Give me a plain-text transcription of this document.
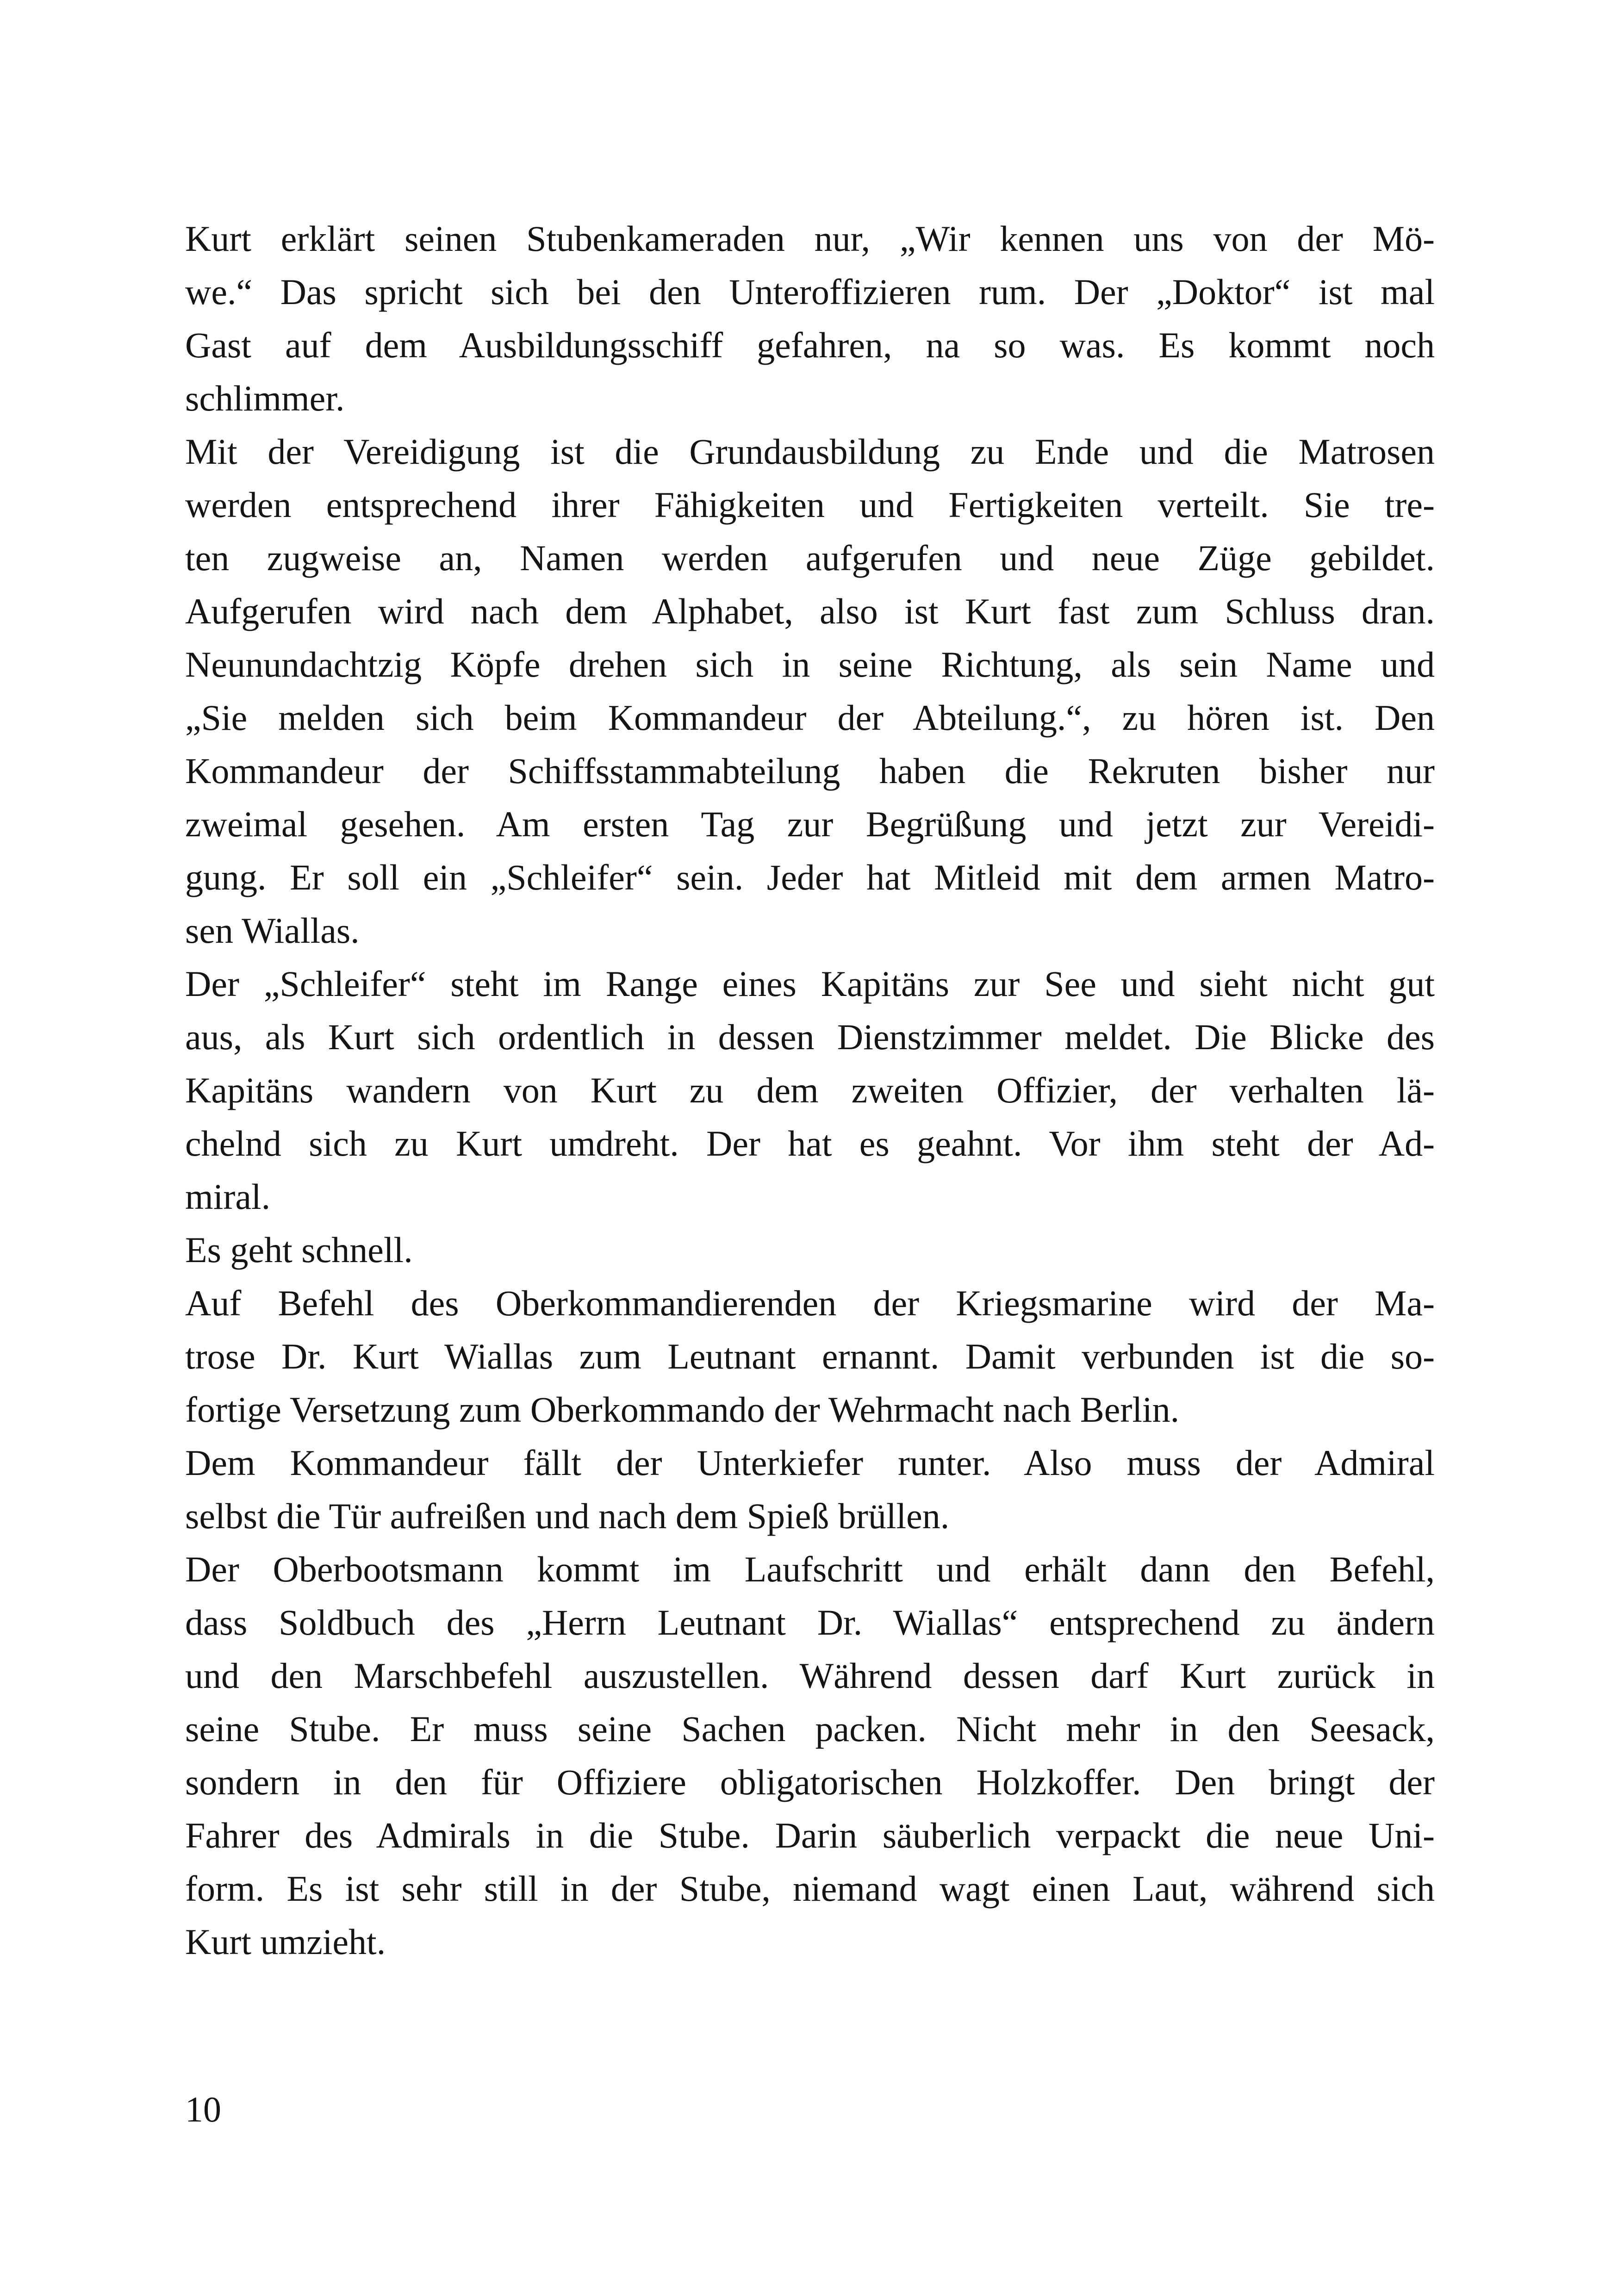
Kurt erklärt seinen Stubenkameraden nur, „Wir kennen uns von der Mö-
we.“ Das spricht sich bei den Unteroffizieren rum. Der „Doktor“ ist mal
Gast auf dem Ausbildungsschiff gefahren, na so was. Es kommt noch
schlimmer.
Mit der Vereidigung ist die Grundausbildung zu Ende und die Matrosen
werden entsprechend ihrer Fähigkeiten und Fertigkeiten verteilt. Sie tre-
ten zugweise an, Namen werden aufgerufen und neue Züge gebildet.
Aufgerufen wird nach dem Alphabet, also ist Kurt fast zum Schluss dran.
Neunundachtzig Köpfe drehen sich in seine Richtung, als sein Name und
„Sie melden sich beim Kommandeur der Abteilung.“, zu hören ist. Den
Kommandeur der Schiffsstammabteilung haben die Rekruten bisher nur
zweimal gesehen. Am ersten Tag zur Begrüßung und jetzt zur Vereidi-
gung. Er soll ein „Schleifer“ sein. Jeder hat Mitleid mit dem armen Matro-
sen Wiallas.
Der „Schleifer“ steht im Range eines Kapitäns zur See und sieht nicht gut
aus, als Kurt sich ordentlich in dessen Dienstzimmer meldet. Die Blicke des
Kapitäns wandern von Kurt zu dem zweiten Offizier, der verhalten lä-
chelnd sich zu Kurt umdreht. Der hat es geahnt. Vor ihm steht der Ad-
miral.
Es geht schnell.
Auf Befehl des Oberkommandierenden der Kriegsmarine wird der Ma-
trose Dr. Kurt Wiallas zum Leutnant ernannt. Damit verbunden ist die so-
fortige Versetzung zum Oberkommando der Wehrmacht nach Berlin.
Dem Kommandeur fällt der Unterkiefer runter. Also muss der Admiral
selbst die Tür aufreißen und nach dem Spieß brüllen.
Der Oberbootsmann kommt im Laufschritt und erhält dann den Befehl,
dass Soldbuch des „Herrn Leutnant Dr. Wiallas“ entsprechend zu ändern
und den Marschbefehl auszustellen. Während dessen darf Kurt zurück in
seine Stube. Er muss seine Sachen packen. Nicht mehr in den Seesack,
sondern in den für Offiziere obligatorischen Holzkoffer. Den bringt der
Fahrer des Admirals in die Stube. Darin säuberlich verpackt die neue Uni-
form. Es ist sehr still in der Stube, niemand wagt einen Laut, während sich
Kurt umzieht.
10
